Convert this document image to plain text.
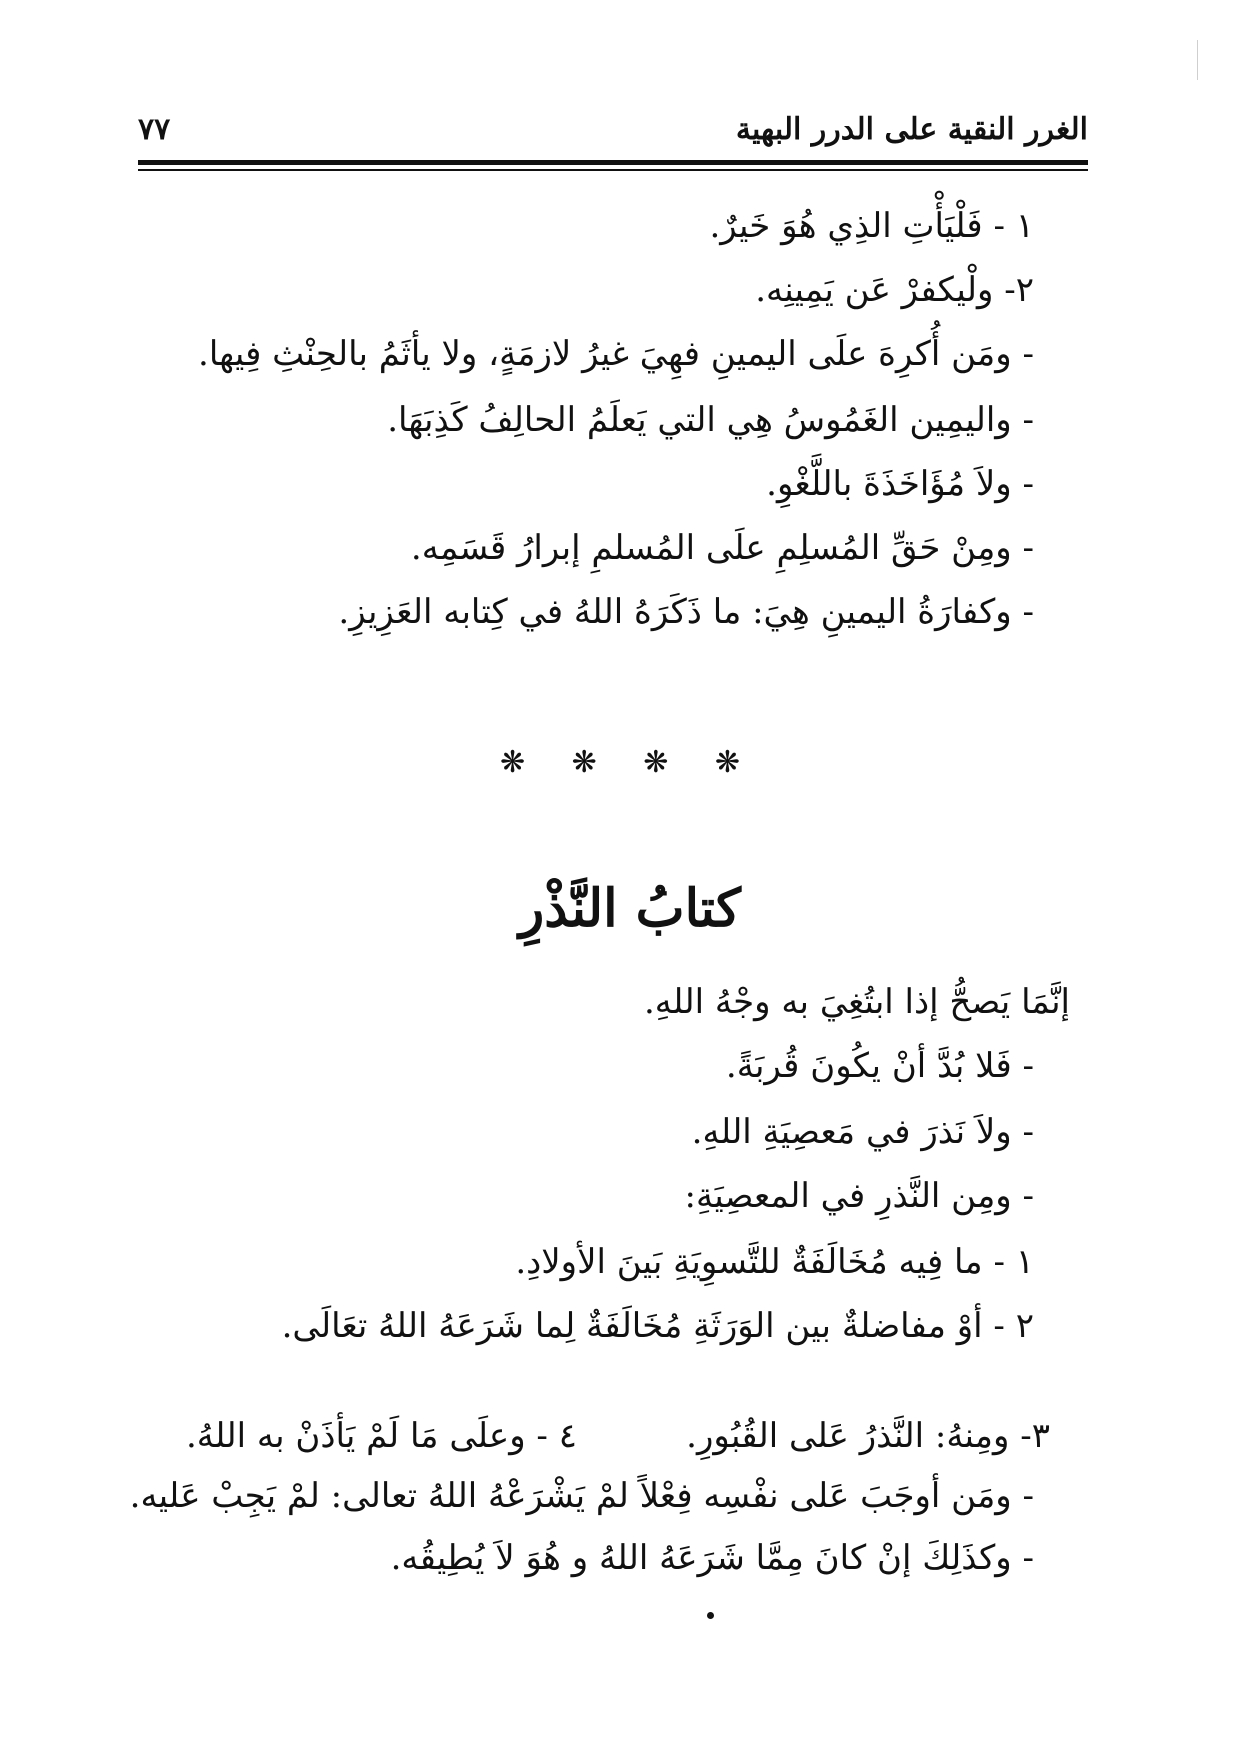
٧٧	الغرر النقية على الدرر البهية
١ - فَلْيَأْتِ الذِي هُوَ خَيرٌ.
٢- ولْيكفرْ عَن يَمِينِه.
- ومَن أُكرِهَ علَى اليمينِ فهِيَ غيرُ لازمَةٍ، ولا يأثَمُ بالحِنْثِ فِيها.
- واليمِين الغَمُوسُ هِي التي يَعلَمُ الحالِفُ كَذِبَهَا.
- ولاَ مُؤَاخَذَةَ باللَّغْوِ.
- ومِنْ حَقِّ المُسلِمِ علَى المُسلمِ إبرارُ قَسَمِه.
- وكفارَةُ اليمينِ هِيَ: ما ذَكَرَهُ اللهُ في كِتابه العَزِيزِ.
❋ ❋ ❋ ❋
كتابُ النَّذْرِ
إنَّمَا يَصحُّ إذا ابتُغِيَ به وجْهُ اللهِ.
- فَلا بُدَّ أنْ يكُونَ قُربَةً.
- ولاَ نَذرَ في مَعصِيَةِ اللهِ.
- ومِن النَّذرِ في المعصِيَةِ:
١ - ما فِيه مُخَالَفَةٌ للتَّسوِيَةِ بَينَ الأولادِ.
٢ - أوْ مفاضلةٌ بين الوَرَثَةِ مُخَالَفَةٌ لِما شَرَعَهُ اللهُ تعَالَى.
٣- ومِنهُ: النَّذرُ عَلى القُبُورِ.
٤ - وعلَى مَا لَمْ يَأذَنْ به اللهُ.
- ومَن أوجَبَ عَلى نفْسِه فِعْلاً لمْ يَشْرَعْهُ اللهُ تعالى: لمْ يَجِبْ عَليه.
- وكذَلِكَ إنْ كانَ مِمَّا شَرَعَهُ اللهُ و هُوَ لاَ يُطِيقُه.
